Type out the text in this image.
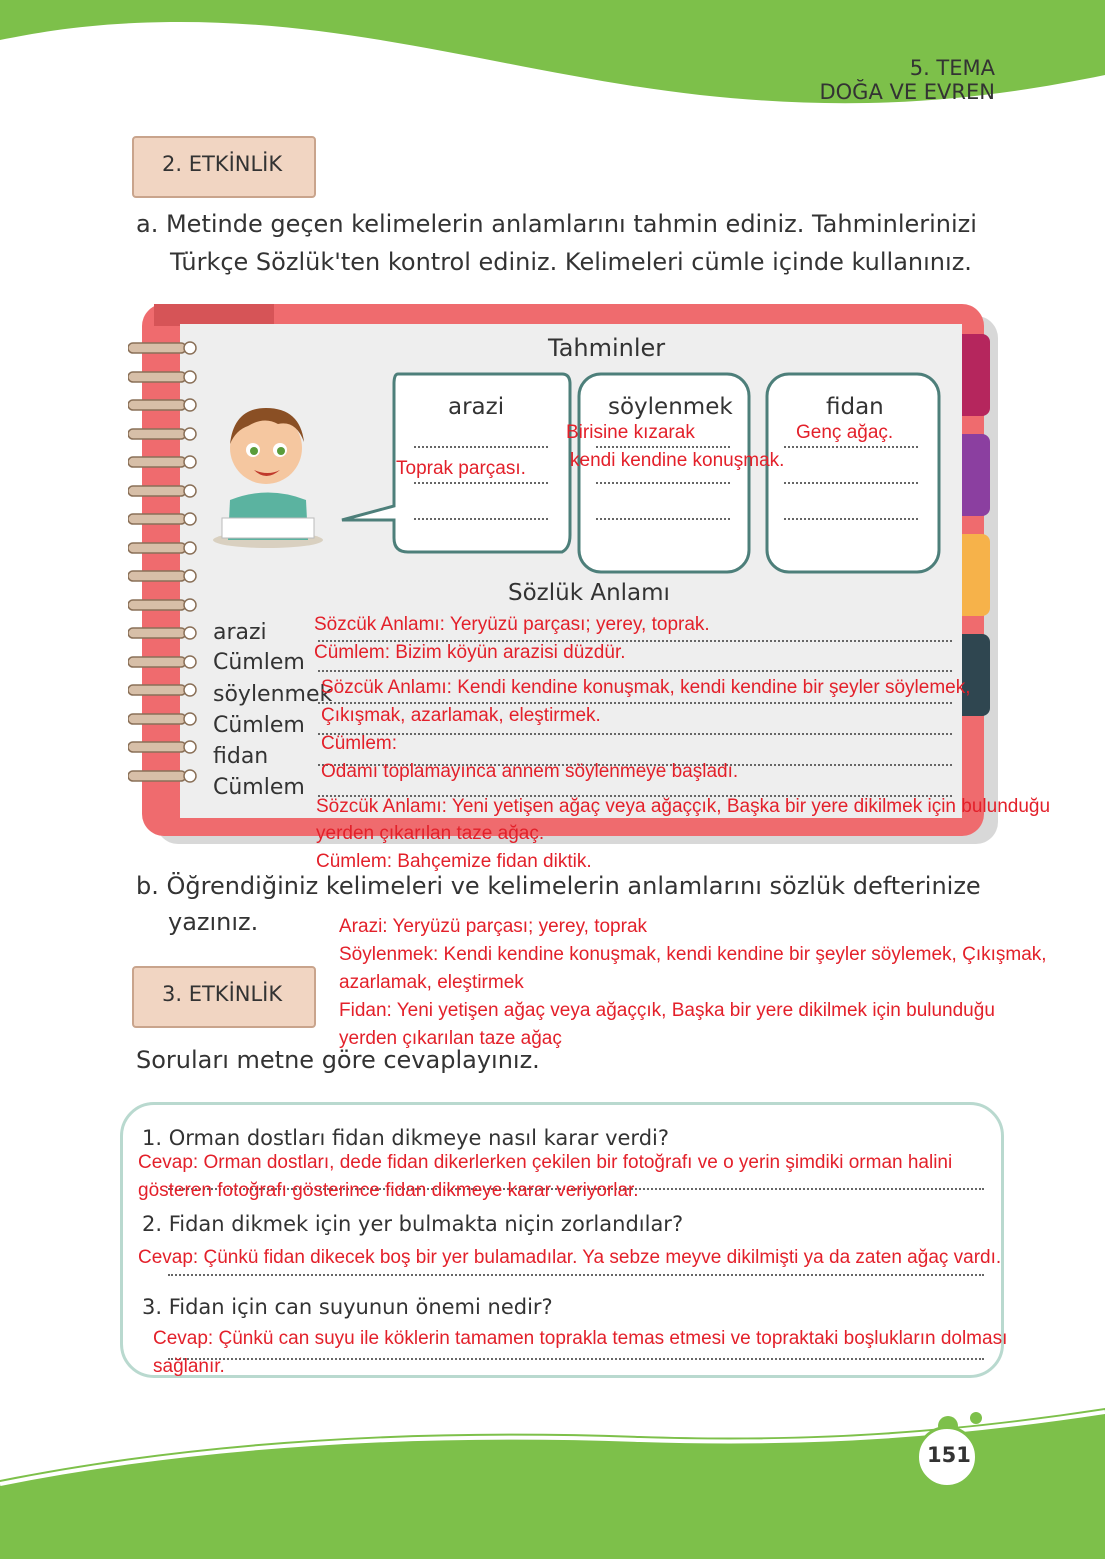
5. TEMA
DOĞA VE EVREN
2. ETKİNLİK
a. Metinde geçen kelimelerin anlamlarını tahmin ediniz. Tahminlerinizi
Türkçe Sözlük'ten kontrol ediniz. Kelimeleri cümle içinde kullanınız.
Tahminler
arazi	söylenmek	fidan
Toprak parçası.
Birisine kızarak
kendi kendine konuşmak.
Genç ağaç.
Sözlük Anlamı
arazi
Cümlem
söylenmek
Cümlem
fidan
Cümlem
Sözcük Anlamı: Yeryüzü parçası; yerey, toprak.
Cümlem: Bizim köyün arazisi düzdür.
Sözcük Anlamı: Kendi kendine konuşmak, kendi kendine bir şeyler söylemek,
Çıkışmak, azarlamak, eleştirmek.
Cümlem:
Odamı toplamayınca annem söylenmeye başladı.
Sözcük Anlamı: Yeni yetişen ağaç veya ağaççık, Başka bir yere dikilmek için bulunduğu
yerden çıkarılan taze ağaç.
Cümlem: Bahçemize fidan diktik.
b. Öğrendiğiniz kelimeleri ve kelimelerin anlamlarını sözlük defterinize
yazınız.	Arazi: Yeryüzü parçası; yerey, toprak
Söylenmek: Kendi kendine konuşmak, kendi kendine bir şeyler söylemek, Çıkışmak,
azarlamak, eleştirmek
Fidan: Yeni yetişen ağaç veya ağaççık, Başka bir yere dikilmek için bulunduğu
yerden çıkarılan taze ağaç
3. ETKİNLİK
Soruları metne göre cevaplayınız.
1. Orman dostları fidan dikmeye nasıl karar verdi?
Cevap: Orman dostları, dede fidan dikerlerken çekilen bir fotoğrafı ve o yerin şimdiki orman halini
gösteren fotoğrafı gösterince fidan dikmeye karar veriyorlar.
2. Fidan dikmek için yer bulmakta niçin zorlandılar?
Cevap: Çünkü fidan dikecek boş bir yer bulamadılar. Ya sebze meyve dikilmişti ya da zaten ağaç vardı.
3. Fidan için can suyunun önemi nedir?
Cevap: Çünkü can suyu ile köklerin tamamen toprakla temas etmesi ve topraktaki boşlukların dolması
sağlanır.
151
